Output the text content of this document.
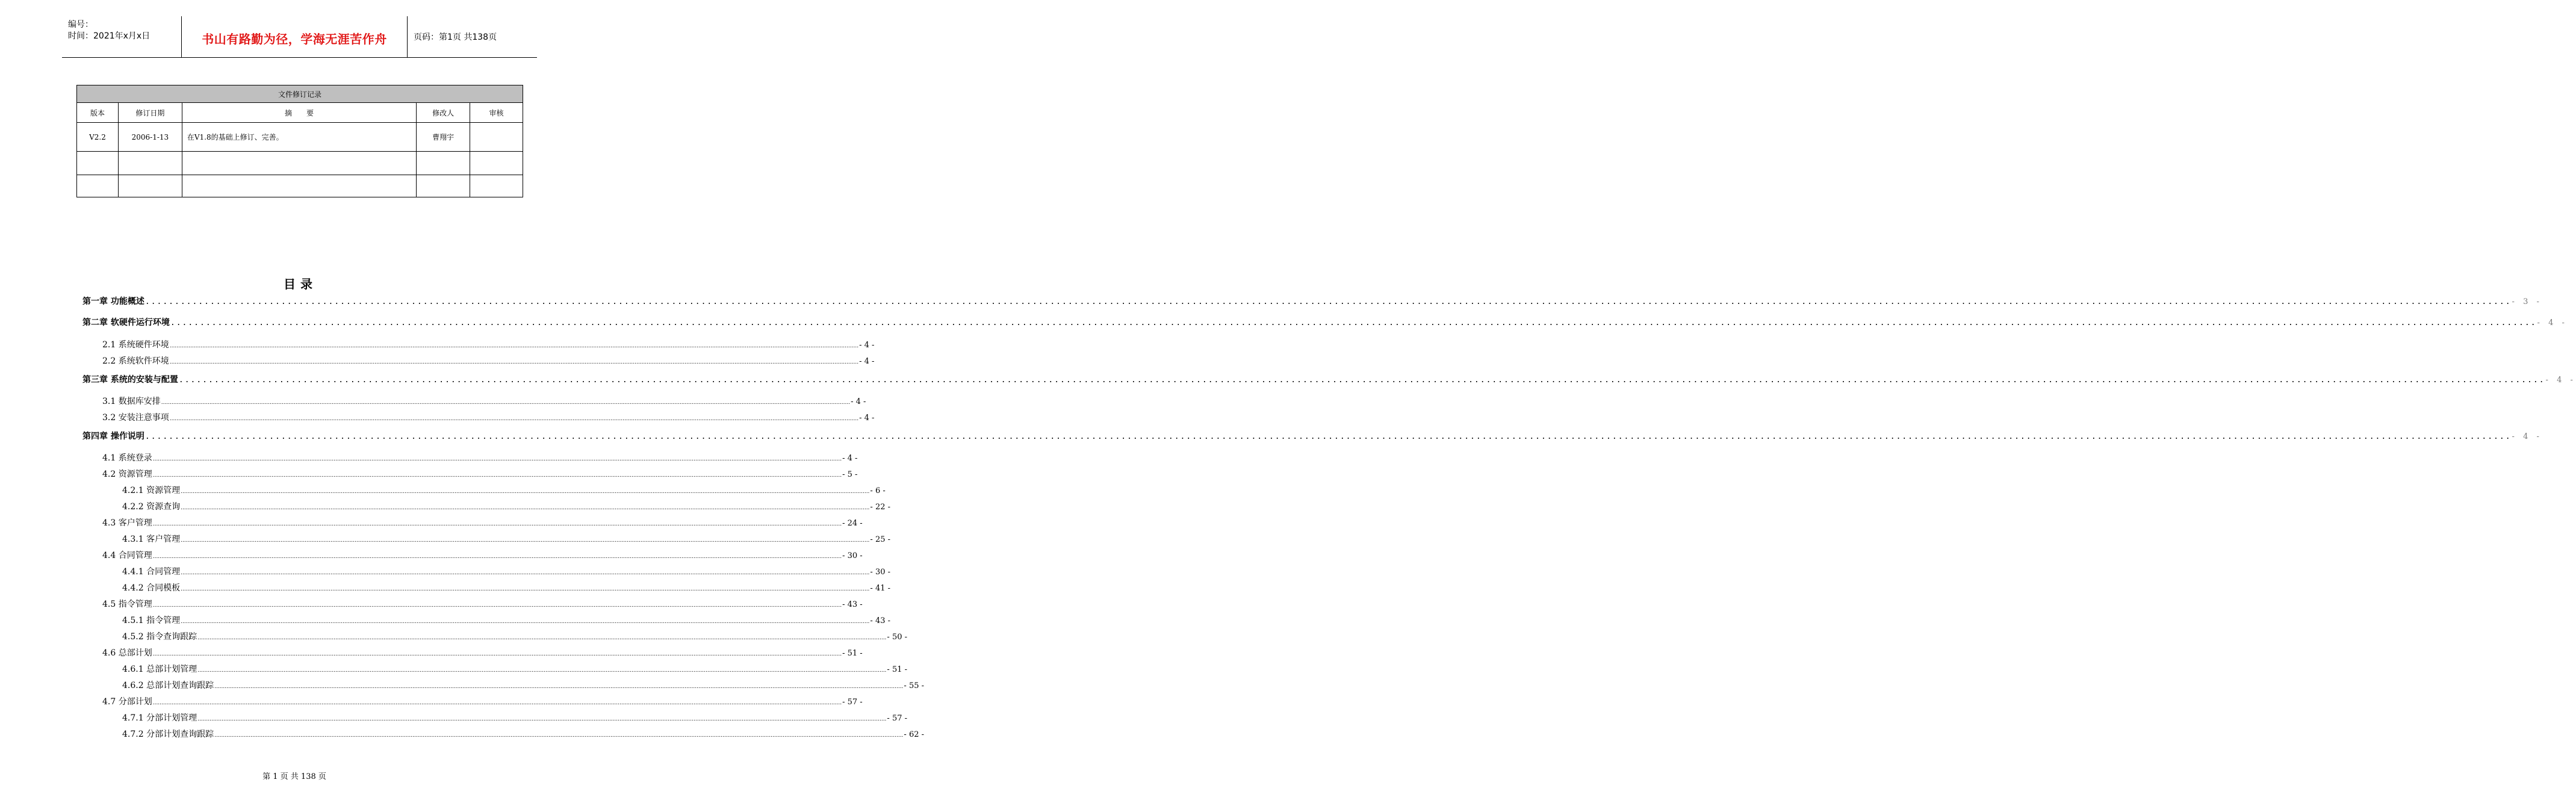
编号：
时间：2021年x月x日	书山有路勤为径，学海无涯苦作舟	页码：第1页 共138页
文件修订记录				
版本	修订日期	摘　　要	修改人	审核
V2.2	2006-1-13	在V1.8的基础上修订、完善。	曹翔宇	

目录
第一章 功能概述 ................................................................................................................................................................................................................................................................................................................................................................................................................ - 3 -
第二章 软硬件运行环境 ................................................................................................................................................................................................................................................................................................................................................................................................................ - 4 -
2.1 系统硬件环境 ................................................................................................................................................................................................................................................................................................................................................................................................................ - 4 -
2.2 系统软件环境 ................................................................................................................................................................................................................................................................................................................................................................................................................ - 4 -
第三章 系统的安装与配置 ................................................................................................................................................................................................................................................................................................................................................................................................................ - 4 -
3.1 数据库安排 ................................................................................................................................................................................................................................................................................................................................................................................................................ - 4 -
3.2 安装注意事项 ................................................................................................................................................................................................................................................................................................................................................................................................................ - 4 -
第四章 操作说明 ................................................................................................................................................................................................................................................................................................................................................................................................................ - 4 -
4.1 系统登录 ................................................................................................................................................................................................................................................................................................................................................................................................................ - 4 -
4.2 资源管理 ................................................................................................................................................................................................................................................................................................................................................................................................................ - 5 -
4.2.1 资源管理 ................................................................................................................................................................................................................................................................................................................................................................................................................ - 6 -
4.2.2 资源查询 ................................................................................................................................................................................................................................................................................................................................................................................................................ - 22 -
4.3 客户管理 ................................................................................................................................................................................................................................................................................................................................................................................................................ - 24 -
4.3.1 客户管理 ................................................................................................................................................................................................................................................................................................................................................................................................................ - 25 -
4.4 合同管理 ................................................................................................................................................................................................................................................................................................................................................................................................................ - 30 -
4.4.1 合同管理 ................................................................................................................................................................................................................................................................................................................................................................................................................ - 30 -
4.4.2 合同模板 ................................................................................................................................................................................................................................................................................................................................................................................................................ - 41 -
4.5 指令管理 ................................................................................................................................................................................................................................................................................................................................................................................................................ - 43 -
4.5.1 指令管理 ................................................................................................................................................................................................................................................................................................................................................................................................................ - 43 -
4.5.2 指令查询跟踪 ................................................................................................................................................................................................................................................................................................................................................................................................................ - 50 -
4.6 总部计划 ................................................................................................................................................................................................................................................................................................................................................................................................................ - 51 -
4.6.1 总部计划管理 ................................................................................................................................................................................................................................................................................................................................................................................................................ - 51 -
4.6.2 总部计划查询跟踪 ................................................................................................................................................................................................................................................................................................................................................................................................................ - 55 -
4.7 分部计划 ................................................................................................................................................................................................................................................................................................................................................................................................................ - 57 -
4.7.1 分部计划管理 ................................................................................................................................................................................................................................................................................................................................................................................................................ - 57 -
4.7.2 分部计划查询跟踪 ................................................................................................................................................................................................................................................................................................................................................................................................................ - 62 -
第 1 页 共 138 页
